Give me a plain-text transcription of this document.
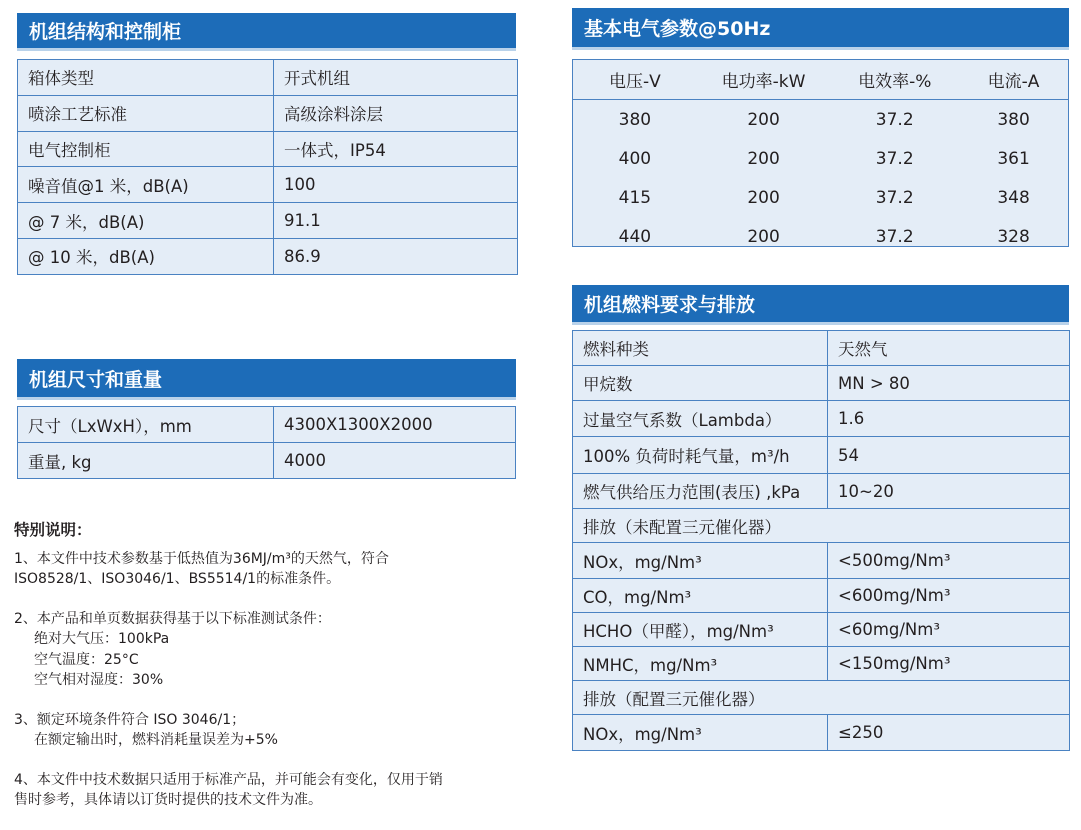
机组结构和控制柜
箱体类型	开式机组
喷涂工艺标准	高级涂料涂层
电气控制柜	一体式，IP54
噪音值@1 米，dB(A)	100
@ 7 米，dB(A)	91.1
@ 10 米，dB(A)	86.9
机组尺寸和重量
尺寸（LxWxH），mm	4300X1300X2000
重量, kg	4000
特别说明：
1、本文件中技术参数基于低热值为36MJ/m³的天然气，符合
ISO8528/1、ISO3046/1、BS5514/1的标准条件。
2、本产品和单页数据获得基于以下标准测试条件：
绝对大气压：100kPa
空气温度：25°C
空气相对湿度：30%
3、额定环境条件符合 ISO 3046/1；
在额定输出时，燃料消耗量误差为+5%
4、本文件中技术数据只适用于标准产品，并可能会有变化，仅用于销
售时参考，具体请以订货时提供的技术文件为准。
基本电气参数@50Hz
电压-V	电功率-kW	电效率-%	电流-A
380	200	37.2	380
400	200	37.2	361
415	200	37.2	348
440	200	37.2	328
机组燃料要求与排放
燃料种类	天然气
甲烷数	MN > 80
过量空气系数（Lambda）	1.6
100% 负荷时耗气量，m³/h	54
燃气供给压力范围(表压) ,kPa	10~20
排放（未配置三元催化器）	
NOx，mg/Nm³	<500mg/Nm³
CO，mg/Nm³	<600mg/Nm³
HCHO（甲醛），mg/Nm³	<60mg/Nm³
NMHC，mg/Nm³	<150mg/Nm³
排放（配置三元催化器）	
NOx，mg/Nm³	≤250
